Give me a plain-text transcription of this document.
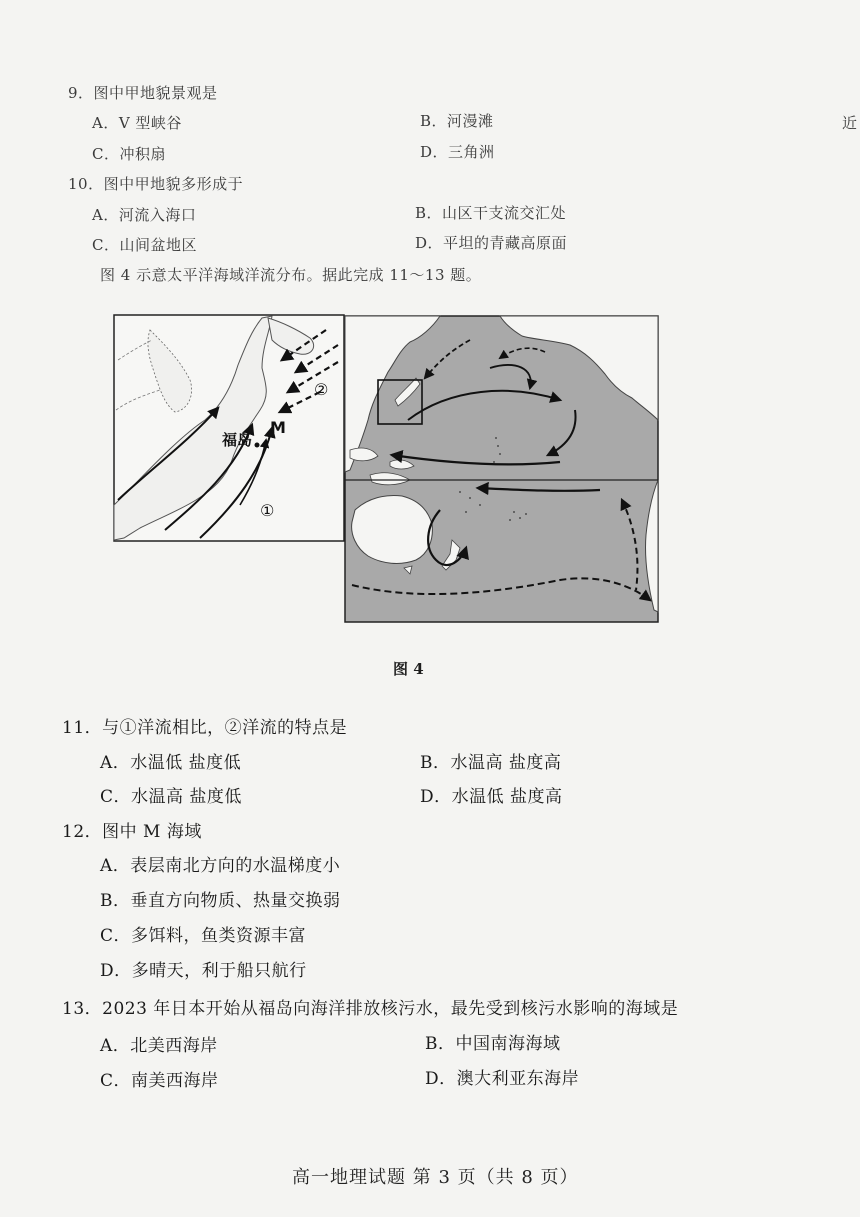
9．图中甲地貌景观是
A．V 型峡谷	B．河漫滩
C．冲积扇	D．三角洲
近
10．图中甲地貌多形成于
A．河流入海口	B．山区干支流交汇处
C．山间盆地区	D．平坦的青藏高原面
图 4 示意太平洋海域洋流分布。据此完成 11～13 题。
福岛
M
①
②
图 4
11．与①洋流相比，②洋流的特点是
A．水温低 盐度低	B．水温高 盐度高
C．水温高 盐度低	D．水温低 盐度高
12．图中 M 海域
A．表层南北方向的水温梯度小
B．垂直方向物质、热量交换弱
C．多饵料，鱼类资源丰富
D．多晴天，利于船只航行
13．2023 年日本开始从福岛向海洋排放核污水，最先受到核污水影响的海域是
A．北美西海岸	B．中国南海海域
C．南美西海岸	D．澳大利亚东海岸
高一地理试题 第 3 页（共 8 页）
